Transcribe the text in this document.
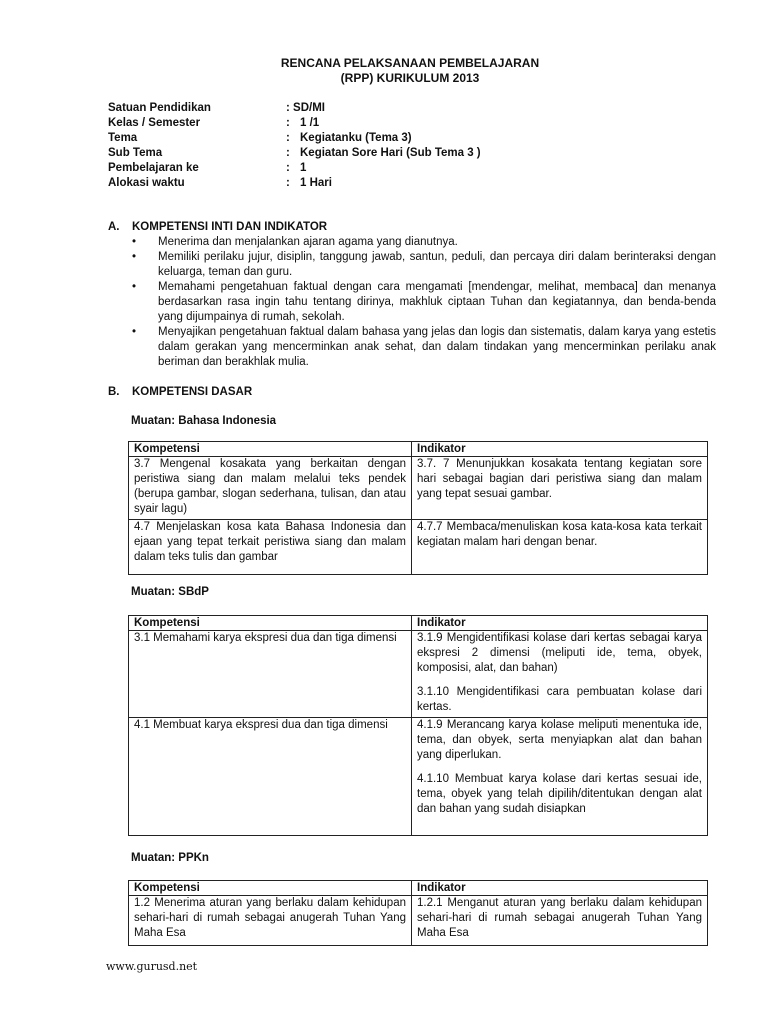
RENCANA PELAKSANAAN PEMBELAJARAN
(RPP) KURIKULUM 2013
Satuan Pendidikan	: SD/MI
Kelas / Semester	: 1 /1
Tema	: Kegiatanku (Tema 3)
Sub Tema	: Kegiatan Sore Hari (Sub Tema 3 )
Pembelajaran ke	: 1
Alokasi waktu	: 1 Hari
A. KOMPETENSI INTI DAN INDIKATOR
•	Menerima dan menjalankan ajaran agama yang dianutnya.
•	Memiliki perilaku jujur, disiplin, tanggung jawab, santun, peduli, dan percaya diri dalam berinteraksi dengan keluarga, teman dan guru.
•	Memahami pengetahuan faktual dengan cara mengamati [mendengar, melihat, membaca] dan menanya berdasarkan rasa ingin tahu tentang dirinya, makhluk ciptaan Tuhan dan kegiatannya, dan benda-benda yang dijumpainya di rumah, sekolah.
•	Menyajikan pengetahuan faktual dalam bahasa yang jelas dan logis dan sistematis, dalam karya yang estetis dalam gerakan yang mencerminkan anak sehat, dan dalam tindakan yang mencerminkan perilaku anak beriman dan berakhlak mulia.
B. KOMPETENSI DASAR
Muatan: Bahasa Indonesia
Kompetensi	Indikator
3.7 Mengenal kosakata yang berkaitan dengan peristiwa siang dan malam melalui teks pendek (berupa gambar, slogan sederhana, tulisan, dan atau syair lagu)	3.7. 7 Menunjukkan kosakata tentang kegiatan sore hari sebagai bagian dari peristiwa siang dan malam yang tepat sesuai gambar.

4.7 Menjelaskan kosa kata Bahasa Indonesia dan ejaan yang tepat terkait peristiwa siang dan malam dalam teks tulis dan gambar	4.7.7 Membaca/menuliskan kosa kata-kosa kata terkait kegiatan malam hari dengan benar.

Muatan: SBdP
Kompetensi	Indikator
3.1 Memahami karya ekspresi dua dan tiga dimensi	3.1.9 Mengidentifikasi kolase dari kertas sebagai karya ekspresi 2 dimensi (meliputi ide, tema, obyek, komposisi, alat, dan bahan)

3.1.10 Mengidentifikasi cara pembuatan kolase dari kertas.

4.1 Membuat karya ekspresi dua dan tiga dimensi	4.1.9 Merancang karya kolase meliputi menentuka ide, tema, dan obyek, serta menyiapkan alat dan bahan yang diperlukan.

4.1.10 Membuat karya kolase dari kertas sesuai ide, tema, obyek yang telah dipilih/ditentukan dengan alat dan bahan yang sudah disiapkan

Muatan: PPKn
Kompetensi	Indikator
1.2 Menerima aturan yang berlaku dalam kehidupan sehari-hari di rumah sebagai anugerah Tuhan Yang Maha Esa	1.2.1 Menganut aturan yang berlaku dalam kehidupan sehari-hari di rumah sebagai anugerah Tuhan Yang Maha Esa

www.gurusd.net
